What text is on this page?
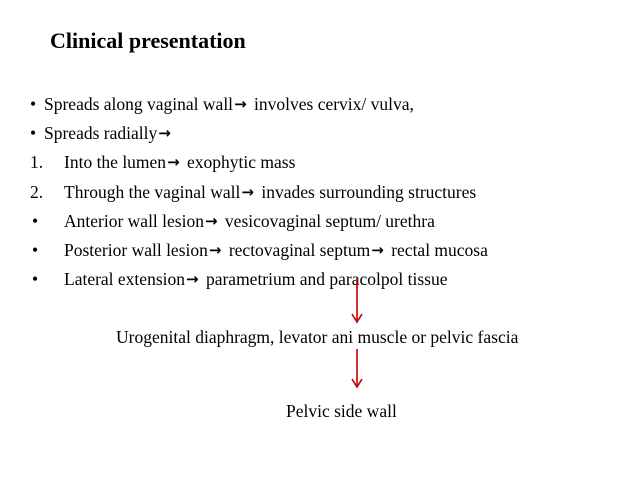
Clinical presentation
• Spreads along vaginal wall→ involves cervix/ vulva,
• Spreads radially→
1. Into the lumen→ exophytic mass
2. Through the vaginal wall→ invades surrounding structures
• Anterior wall lesion→ vesicovaginal septum/ urethra
• Posterior wall lesion→ rectovaginal septum→ rectal mucosa
• Lateral extension→ parametrium and paracolpol tissue
Urogenital diaphragm, levator ani muscle or pelvic fascia
Pelvic side wall
